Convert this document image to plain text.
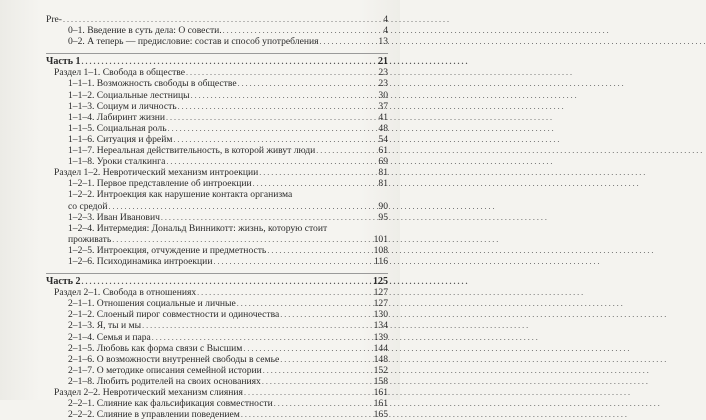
Pre- . . .	4
0–1. Введение в суть дела: О совести. . . .	4
0–2. А теперь — предисловие: состав и способ употребления . . .	13
Часть 1 . . .	21
Раздел 1–1. Свобода в обществе . . .	23
1–1–1. Возможность свободы в обществе . . .	23
1–1–2. Социальные лестницы . . .	30
1–1–3. Социум и личность . . .	37
1–1–4. Лабиринт жизни . . .	41
1–1–5. Социальная роль . . .	48
1–1–6. Ситуация и фрейм . . .	54
1–1–7. Нереальная действительность, в которой живут люди . . .	61
1–1–8. Уроки сталкинга . . .	69
Раздел 1–2. Невротический механизм интроекции . . .	81
1–2–1. Первое представление об интроекции . . .	81
1–2–2. Интроекция как нарушение контакта организма
со средой . . .	90
1–2–3. Иван Иванович . . .	95
1–2–4. Интермедия: Дональд Винникотт: жизнь, которую стоит
проживать . . .	101
1–2–5. Интроекция, отчуждение и предметность . . .	108
1–2–6. Психодинамика интроекции . . .	116
Часть 2 . . .	125
Раздел 2–1. Свобода в отношениях . . .	127
2–1–1. Отношения социальные и личные . . .	127
2–1–2. Слоеный пирог совместности и одиночества . . .	130
2–1–3. Я, ты и мы . . .	134
2–1–4. Семья и пара . . .	139
2–1–5. Любовь как форма связи с Высшим . . .	144
2–1–6. О возможности внутренней свободы в семье . . .	148
2–1–7. О методике описания семейной истории . . .	152
2–1–8. Любить родителей на своих основаниях . . .	158
Раздел 2–2. Невротический механизм слияния . . .	161
2–2–1. Слияние как фальсификация совместности . . .	161
2–2–2. Слияние в управлении поведением . . .	165
